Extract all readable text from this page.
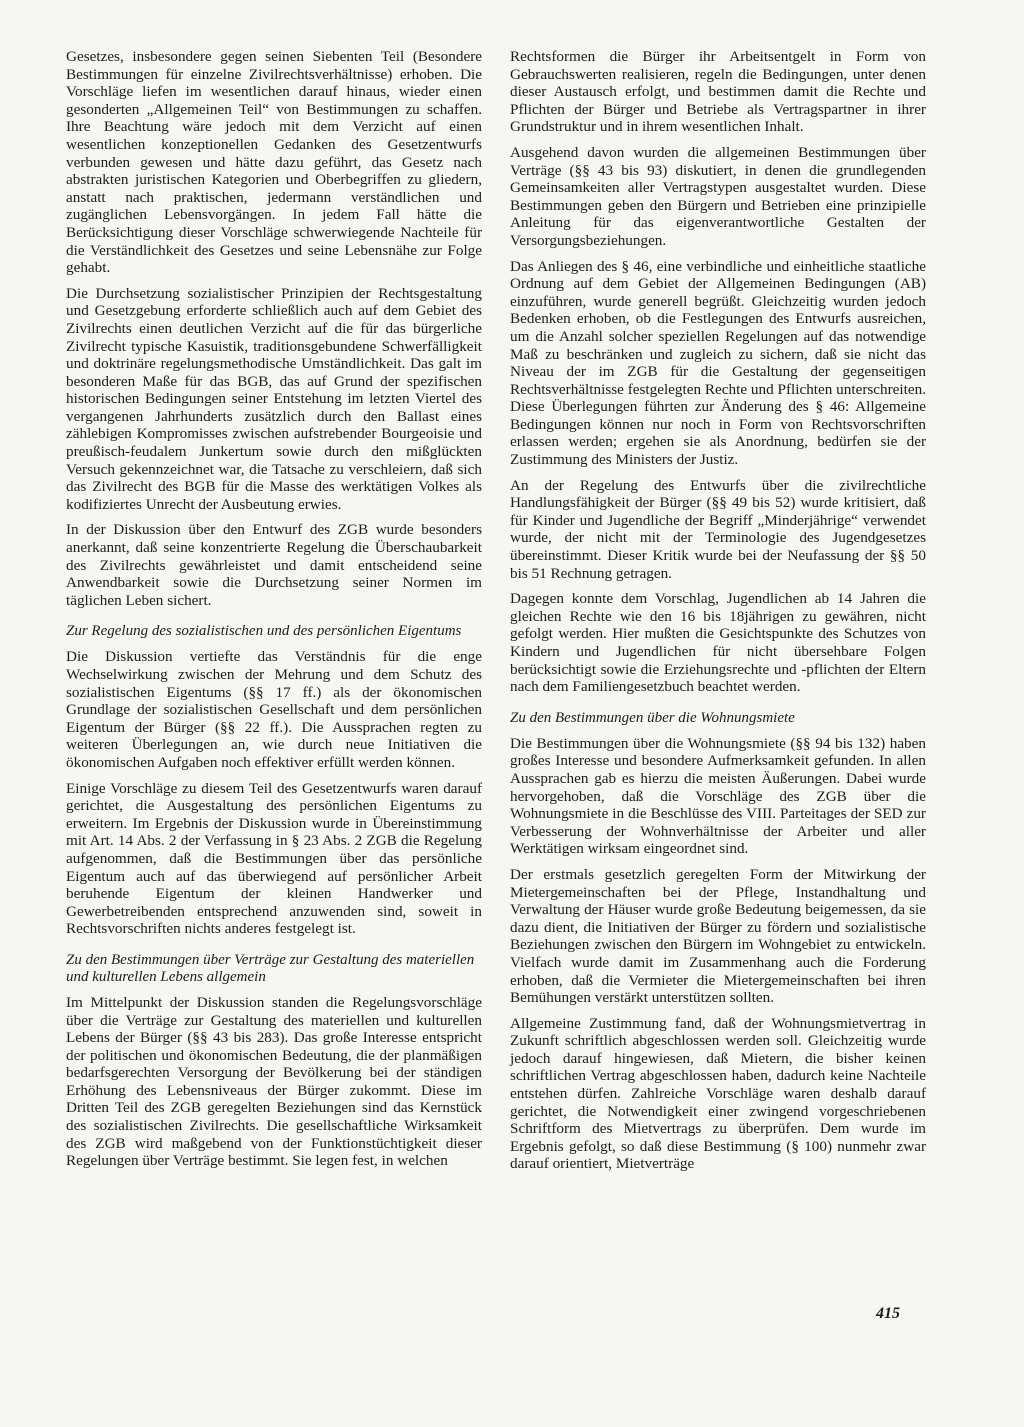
Gesetzes, insbesondere gegen seinen Siebenten Teil (Besondere Bestimmungen für einzelne Zivilrechtsverhältnisse) erhoben. Die Vorschläge liefen im wesentlichen darauf hinaus, wieder einen gesonderten „Allgemeinen Teil“ von Bestimmungen zu schaffen. Ihre Beachtung wäre jedoch mit dem Verzicht auf einen wesentlichen konzeptionellen Gedanken des Gesetzentwurfs verbunden gewesen und hätte dazu geführt, das Gesetz nach abstrakten juristischen Kategorien und Oberbegriffen zu gliedern, anstatt nach praktischen, jedermann verständlichen und zugänglichen Lebensvorgängen. In jedem Fall hätte die Berücksichtigung dieser Vorschläge schwerwiegende Nachteile für die Verständlichkeit des Gesetzes und seine Lebensnähe zur Folge gehabt.

Die Durchsetzung sozialistischer Prinzipien der Rechtsgestaltung und Gesetzgebung erforderte schließlich auch auf dem Gebiet des Zivilrechts einen deutlichen Verzicht auf die für das bürgerliche Zivilrecht typische Kasuistik, traditionsgebundene Schwerfälligkeit und doktrinäre regelungsmethodische Umständlichkeit. Das galt im besonderen Maße für das BGB, das auf Grund der spezifischen historischen Bedingungen seiner Entstehung im letzten Viertel des vergangenen Jahrhunderts zusätzlich durch den Ballast eines zählebigen Kompromisses zwischen aufstrebender Bourgeoisie und preußisch-feudalem Junkertum sowie durch den mißglückten Versuch gekennzeichnet war, die Tatsache zu verschleiern, daß sich das Zivilrecht des BGB für die Masse des werktätigen Volkes als kodifiziertes Unrecht der Ausbeutung erwies.

In der Diskussion über den Entwurf des ZGB wurde besonders anerkannt, daß seine konzentrierte Regelung die Überschaubarkeit des Zivilrechts gewährleistet und damit entscheidend seine Anwendbarkeit sowie die Durchsetzung seiner Normen im täglichen Leben sichert.

Zur Regelung des sozialistischen und des persönlichen Eigentums

Die Diskussion vertiefte das Verständnis für die enge Wechselwirkung zwischen der Mehrung und dem Schutz des sozialistischen Eigentums (§§ 17 ff.) als der ökonomischen Grundlage der sozialistischen Gesellschaft und dem persönlichen Eigentum der Bürger (§§ 22 ff.). Die Aussprachen regten zu weiteren Überlegungen an, wie durch neue Initiativen die ökonomischen Aufgaben noch effektiver erfüllt werden können.

Einige Vorschläge zu diesem Teil des Gesetzentwurfs waren darauf gerichtet, die Ausgestaltung des persönlichen Eigentums zu erweitern. Im Ergebnis der Diskussion wurde in Übereinstimmung mit Art. 14 Abs. 2 der Verfassung in § 23 Abs. 2 ZGB die Regelung aufgenommen, daß die Bestimmungen über das persönliche Eigentum auch auf das überwiegend auf persönlicher Arbeit beruhende Eigentum der kleinen Handwerker und Gewerbetreibenden entsprechend anzuwenden sind, soweit in Rechtsvorschriften nichts anderes festgelegt ist.

Zu den Bestimmungen über Verträge zur Gestaltung des materiellen und kulturellen Lebens allgemein

Im Mittelpunkt der Diskussion standen die Regelungsvorschläge über die Verträge zur Gestaltung des materiellen und kulturellen Lebens der Bürger (§§ 43 bis 283). Das große Interesse entspricht der politischen und ökonomischen Bedeutung, die der planmäßigen bedarfsgerechten Versorgung der Bevölkerung bei der ständigen Erhöhung des Lebensniveaus der Bürger zukommt. Diese im Dritten Teil des ZGB geregelten Beziehungen sind das Kernstück des sozialistischen Zivilrechts. Die gesellschaftliche Wirksamkeit des ZGB wird maßgebend von der Funktionstüchtigkeit dieser Regelungen über Verträge bestimmt. Sie legen fest, in welchen

Rechtsformen die Bürger ihr Arbeitsentgelt in Form von Gebrauchswerten realisieren, regeln die Bedingungen, unter denen dieser Austausch erfolgt, und bestimmen damit die Rechte und Pflichten der Bürger und Betriebe als Vertragspartner in ihrer Grundstruktur und in ihrem wesentlichen Inhalt.

Ausgehend davon wurden die allgemeinen Bestimmungen über Verträge (§§ 43 bis 93) diskutiert, in denen die grundlegenden Gemeinsamkeiten aller Vertragstypen ausgestaltet wurden. Diese Bestimmungen geben den Bürgern und Betrieben eine prinzipielle Anleitung für das eigenverantwortliche Gestalten der Versorgungsbeziehungen.

Das Anliegen des § 46, eine verbindliche und einheitliche staatliche Ordnung auf dem Gebiet der Allgemeinen Bedingungen (AB) einzuführen, wurde generell begrüßt. Gleichzeitig wurden jedoch Bedenken erhoben, ob die Festlegungen des Entwurfs ausreichen, um die Anzahl solcher speziellen Regelungen auf das notwendige Maß zu beschränken und zugleich zu sichern, daß sie nicht das Niveau der im ZGB für die Gestaltung der gegenseitigen Rechtsverhältnisse festgelegten Rechte und Pflichten unterschreiten. Diese Überlegungen führten zur Änderung des § 46: Allgemeine Bedingungen können nur noch in Form von Rechtsvorschriften erlassen werden; ergehen sie als Anordnung, bedürfen sie der Zustimmung des Ministers der Justiz.

An der Regelung des Entwurfs über die zivilrechtliche Handlungsfähigkeit der Bürger (§§ 49 bis 52) wurde kritisiert, daß für Kinder und Jugendliche der Begriff „Minderjährige“ verwendet wurde, der nicht mit der Terminologie des Jugendgesetzes übereinstimmt. Dieser Kritik wurde bei der Neufassung der §§ 50 bis 51 Rechnung getragen.

Dagegen konnte dem Vorschlag, Jugendlichen ab 14 Jahren die gleichen Rechte wie den 16 bis 18jährigen zu gewähren, nicht gefolgt werden. Hier mußten die Gesichtspunkte des Schutzes von Kindern und Jugendlichen für nicht übersehbare Folgen berücksichtigt sowie die Erziehungsrechte und -pflichten der Eltern nach dem Familiengesetzbuch beachtet werden.

Zu den Bestimmungen über die Wohnungsmiete

Die Bestimmungen über die Wohnungsmiete (§§ 94 bis 132) haben großes Interesse und besondere Aufmerksamkeit gefunden. In allen Aussprachen gab es hierzu die meisten Äußerungen. Dabei wurde hervorgehoben, daß die Vorschläge des ZGB über die Wohnungsmiete in die Beschlüsse des VIII. Parteitages der SED zur Verbesserung der Wohnverhältnisse der Arbeiter und aller Werktätigen wirksam eingeordnet sind.

Der erstmals gesetzlich geregelten Form der Mitwirkung der Mietergemeinschaften bei der Pflege, Instandhaltung und Verwaltung der Häuser wurde große Bedeutung beigemessen, da sie dazu dient, die Initiativen der Bürger zu fördern und sozialistische Beziehungen zwischen den Bürgern im Wohngebiet zu entwickeln. Vielfach wurde damit im Zusammenhang auch die Forderung erhoben, daß die Vermieter die Mietergemeinschaften bei ihren Bemühungen verstärkt unterstützen sollten.

Allgemeine Zustimmung fand, daß der Wohnungsmietvertrag in Zukunft schriftlich abgeschlossen werden soll. Gleichzeitig wurde jedoch darauf hingewiesen, daß Mietern, die bisher keinen schriftlichen Vertrag abgeschlossen haben, dadurch keine Nachteile entstehen dürfen. Zahlreiche Vorschläge waren deshalb darauf gerichtet, die Notwendigkeit einer zwingend vorgeschriebenen Schriftform des Mietvertrags zu überprüfen. Dem wurde im Ergebnis gefolgt, so daß diese Bestimmung (§ 100) nunmehr zwar darauf orientiert, Mietverträge

415
